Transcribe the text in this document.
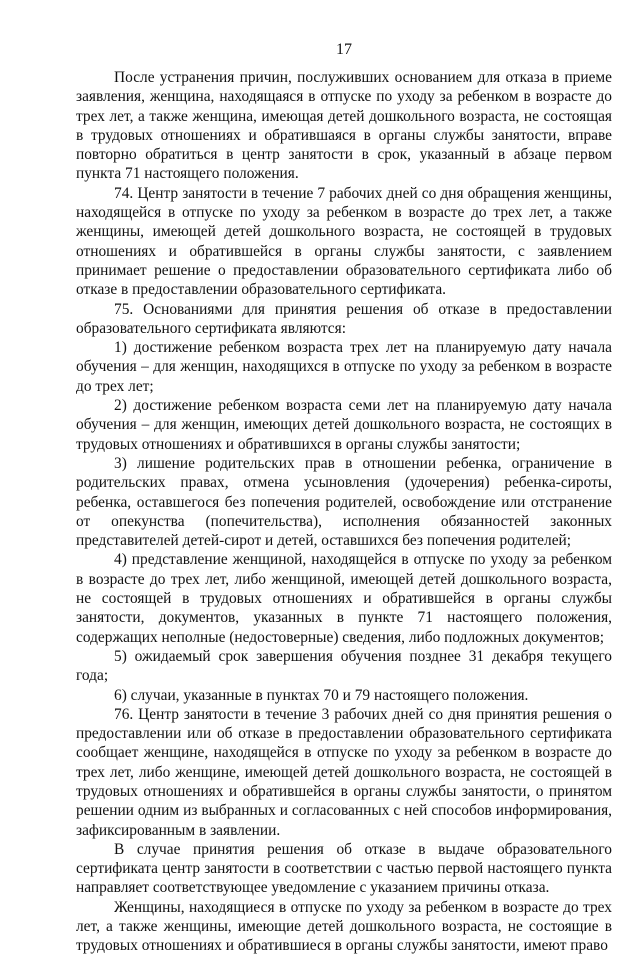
17

После устранения причин, послуживших основанием для отказа в приеме заявления, женщина, находящаяся в отпуске по уходу за ребенком в возрасте до трех лет, а также женщина, имеющая детей дошкольного возраста, не состоящая в трудовых отношениях и обратившаяся в органы службы занятости, вправе повторно обратиться в центр занятости в срок, указанный в абзаце первом пункта 71 настоящего положения.

74. Центр занятости в течение 7 рабочих дней со дня обращения женщины, находящейся в отпуске по уходу за ребенком в возрасте до трех лет, а также женщины, имеющей детей дошкольного возраста, не состоящей в трудовых отношениях и обратившейся в органы службы занятости, с заявлением принимает решение о предоставлении образовательного сертификата либо об отказе в предоставлении образовательного сертификата.

75. Основаниями для принятия решения об отказе в предоставлении образовательного сертификата являются:

1) достижение ребенком возраста трех лет на планируемую дату начала обучения – для женщин, находящихся в отпуске по уходу за ребенком в возрасте до трех лет;

2) достижение ребенком возраста семи лет на планируемую дату начала обучения – для женщин, имеющих детей дошкольного возраста, не состоящих в трудовых отношениях и обратившихся в органы службы занятости;

3) лишение родительских прав в отношении ребенка, ограничение в родительских правах, отмена усыновления (удочерения) ребенка-сироты, ребенка, оставшегося без попечения родителей, освобождение или отстранение от опекунства (попечительства), исполнения обязанностей законных представителей детей-сирот и детей, оставшихся без попечения родителей;

4) представление женщиной, находящейся в отпуске по уходу за ребенком в возрасте до трех лет, либо женщиной, имеющей детей дошкольного возраста, не состоящей в трудовых отношениях и обратившейся в органы службы занятости, документов, указанных в пункте 71 настоящего положения, содержащих неполные (недостоверные) сведения, либо подложных документов;

5) ожидаемый срок завершения обучения позднее 31 декабря текущего года;

6) случаи, указанные в пунктах 70 и 79 настоящего положения.

76. Центр занятости в течение 3 рабочих дней со дня принятия решения о предоставлении или об отказе в предоставлении образовательного сертификата сообщает женщине, находящейся в отпуске по уходу за ребенком в возрасте до трех лет, либо женщине, имеющей детей дошкольного возраста, не состоящей в трудовых отношениях и обратившейся в органы службы занятости, о принятом решении одним из выбранных и согласованных с ней способов информирования, зафиксированным в заявлении.

В случае принятия решения об отказе в выдаче образовательного сертификата центр занятости в соответствии с частью первой настоящего пункта направляет соответствующее уведомление с указанием причины отказа.

Женщины, находящиеся в отпуске по уходу за ребенком в возрасте до трех лет, а также женщины, имеющие детей дошкольного возраста, не состоящие в трудовых отношениях и обратившиеся в органы службы занятости, имеют право
